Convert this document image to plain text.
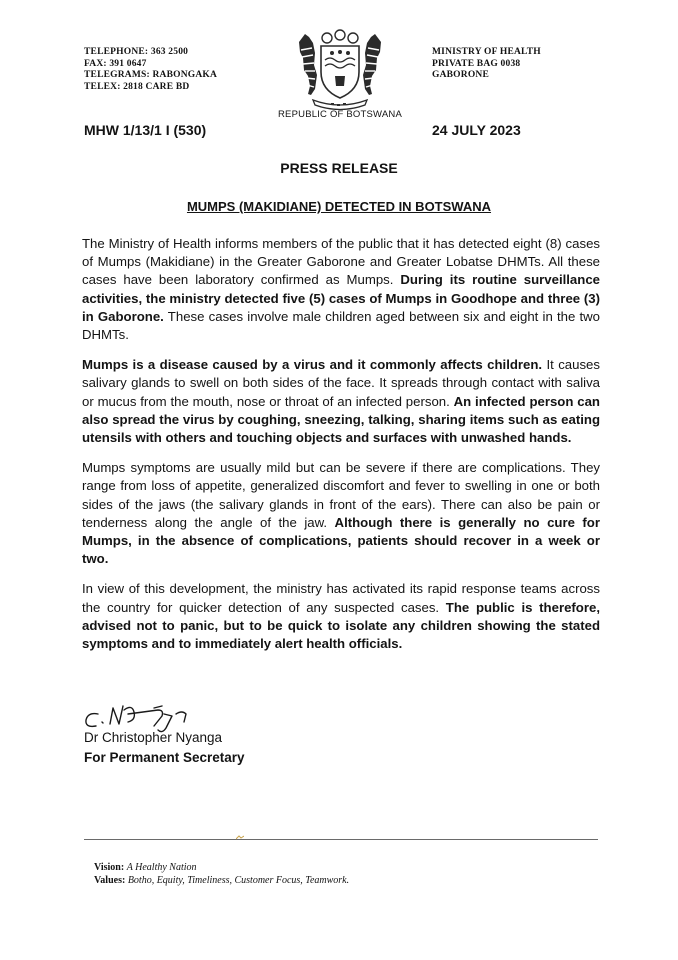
TELEPHONE: 363 2500
FAX: 391 0647
TELEGRAMS: RABONGAKA
TELEX: 2818 CARE BD
MINISTRY OF HEALTH
PRIVATE BAG 0038
GABORONE
REPUBLIC OF BOTSWANA
MHW 1/13/1 I (530)	24 JULY 2023
PRESS RELEASE
MUMPS (MAKIDIANE) DETECTED IN BOTSWANA

The Ministry of Health informs members of the public that it has detected eight (8) cases of Mumps (Makidiane) in the Greater Gaborone and Greater Lobatse DHMTs. All these cases have been laboratory confirmed as Mumps. During its routine surveillance activities, the ministry detected five (5) cases of Mumps in Goodhope and three (3) in Gaborone. These cases involve male children aged between six and eight in the two DHMTs.

Mumps is a disease caused by a virus and it commonly affects children. It causes salivary glands to swell on both sides of the face. It spreads through contact with saliva or mucus from the mouth, nose or throat of an infected person. An infected person can also spread the virus by coughing, sneezing, talking, sharing items such as eating utensils with others and touching objects and surfaces with unwashed hands.

Mumps symptoms are usually mild but can be severe if there are complications. They range from loss of appetite, generalized discomfort and fever to swelling in one or both sides of the jaws (the salivary glands in front of the ears). There can also be pain or tenderness along the angle of the jaw. Although there is generally no cure for Mumps, in the absence of complications, patients should recover in a week or two.

In view of this development, the ministry has activated its rapid response teams across the country for quicker detection of any suspected cases. The public is therefore, advised not to panic, but to be quick to isolate any children showing the stated symptoms and to immediately alert health officials.

Dr Christopher Nyanga
For Permanent Secretary
Vision: A Healthy Nation
Values: Botho, Equity, Timeliness, Customer Focus, Teamwork.
